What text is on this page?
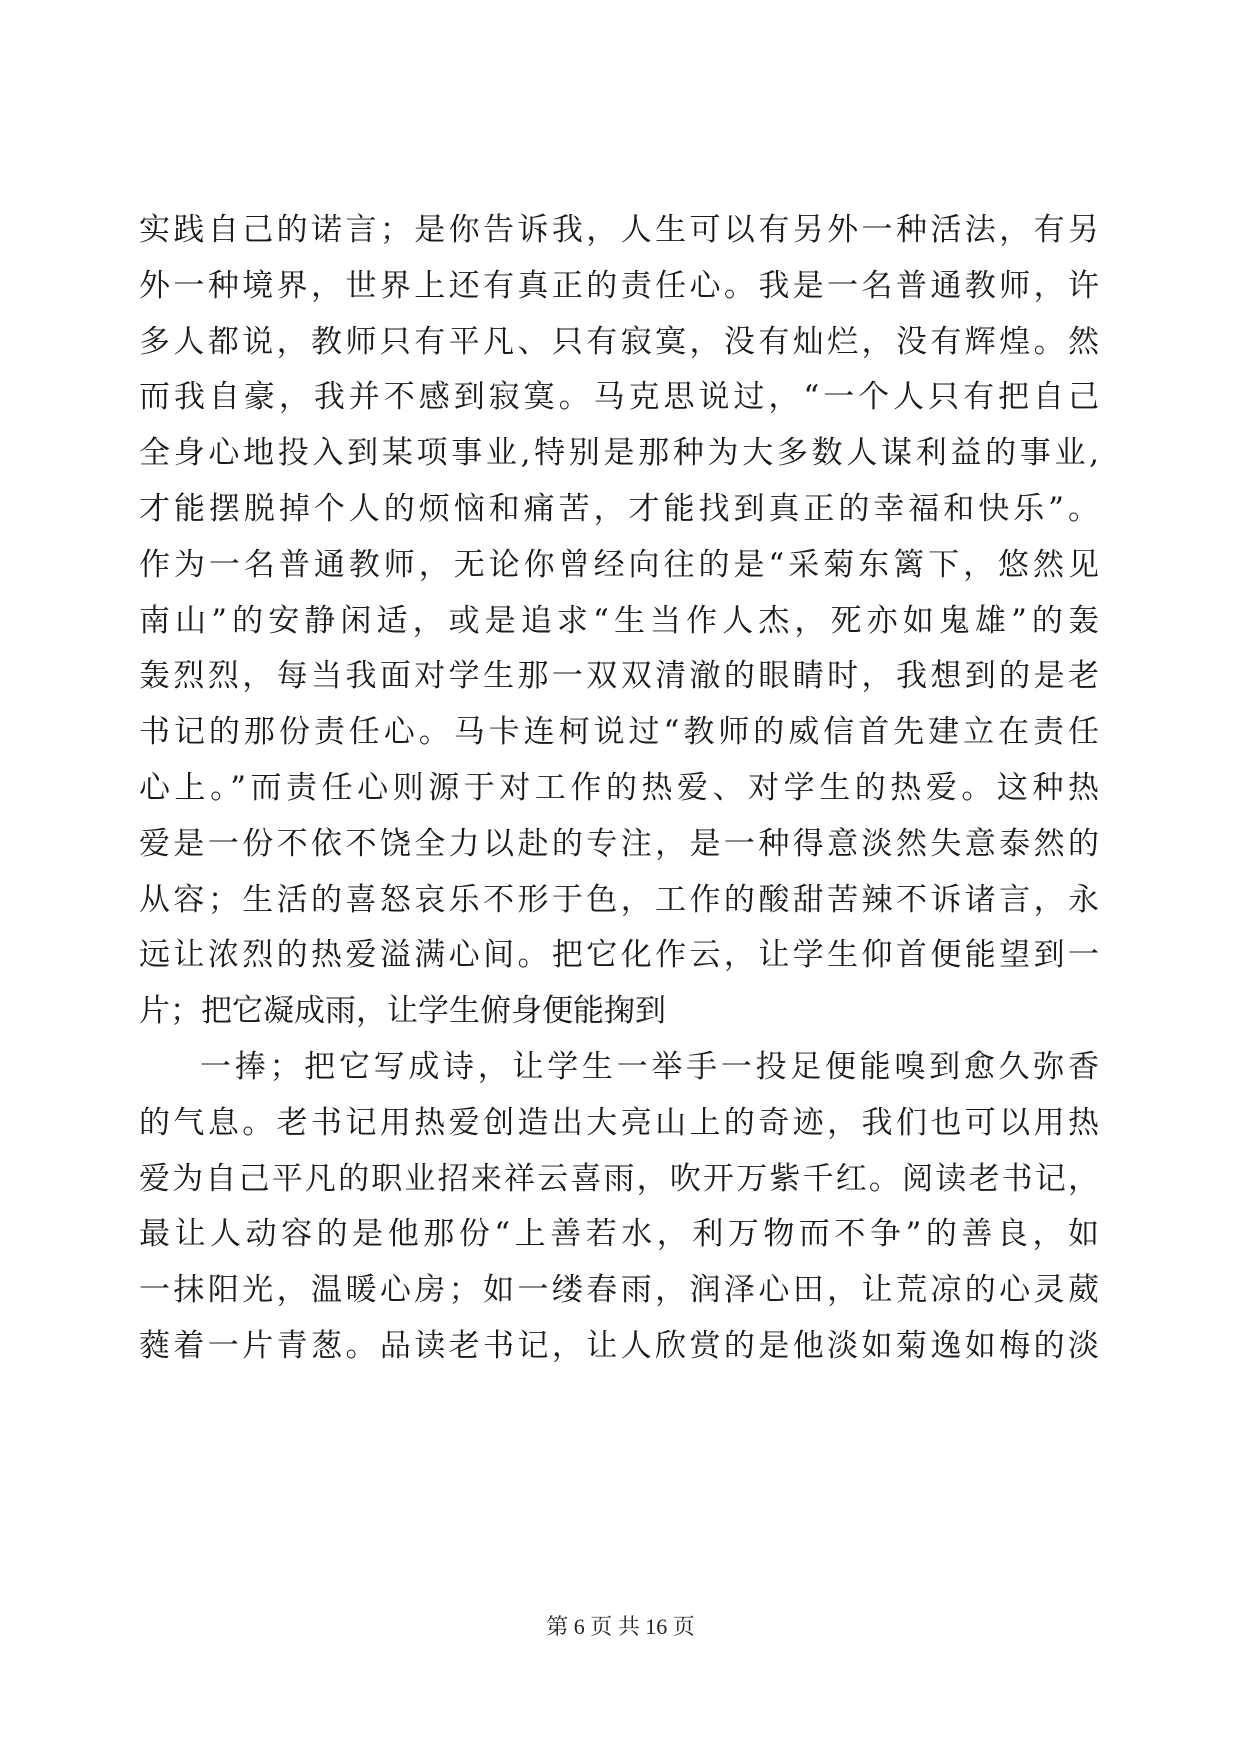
实践自己的诺言；是你告诉我，人生可以有另外一种活法，有另
外一种境界，世界上还有真正的责任心。我是一名普通教师，许
多人都说，教师只有平凡、只有寂寞，没有灿烂，没有辉煌。然
而我自豪，我并不感到寂寞。马克思说过，“一个人只有把自己
全身心地投入到某项事业,特别是那种为大多数人谋利益的事业,
才能摆脱掉个人的烦恼和痛苦，才能找到真正的幸福和快乐”。
作为一名普通教师，无论你曾经向往的是“采菊东篱下，悠然见
南山”的安静闲适，或是追求“生当作人杰，死亦如鬼雄”的轰
轰烈烈，每当我面对学生那一双双清澈的眼睛时，我想到的是老
书记的那份责任心。马卡连柯说过“教师的威信首先建立在责任
心上。”而责任心则源于对工作的热爱、对学生的热爱。这种热
爱是一份不依不饶全力以赴的专注，是一种得意淡然失意泰然的
从容；生活的喜怒哀乐不形于色，工作的酸甜苦辣不诉诸言，永
远让浓烈的热爱溢满心间。把它化作云，让学生仰首便能望到一
片；把它凝成雨，让学生俯身便能掬到
一捧；把它写成诗，让学生一举手一投足便能嗅到愈久弥香
的气息。老书记用热爱创造出大亮山上的奇迹，我们也可以用热
爱为自己平凡的职业招来祥云喜雨，吹开万紫千红。阅读老书记，
最让人动容的是他那份“上善若水，利万物而不争”的善良，如
一抹阳光，温暖心房；如一缕春雨，润泽心田，让荒凉的心灵葳
蕤着一片青葱。品读老书记，让人欣赏的是他淡如菊逸如梅的淡
第 6 页 共 16 页
